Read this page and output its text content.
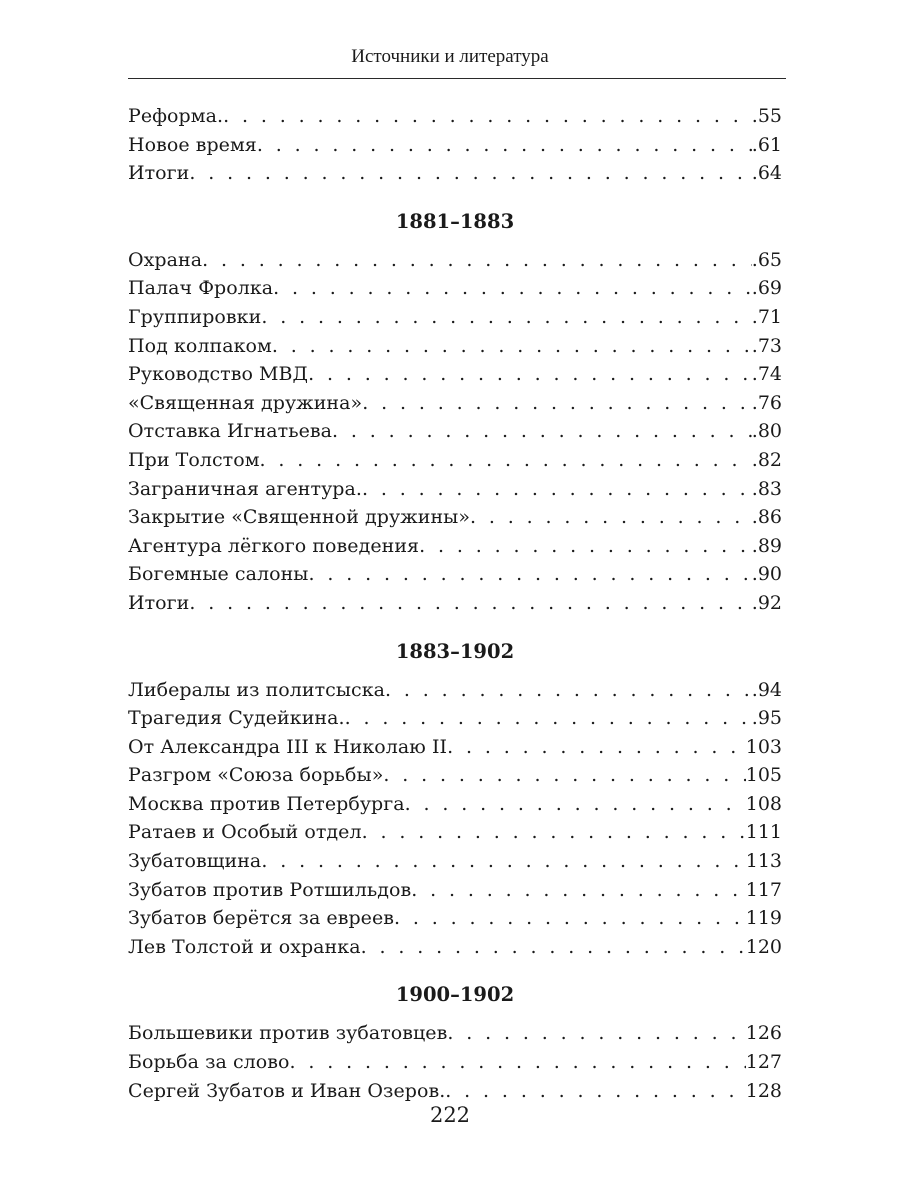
Источники и литература
Реформа. . . .	.55
Новое время . . .	.61
Итоги . . .	.64
1881–1883
Охрана . . .	.65
Палач Фролка . . .	.69
Группировки . . .	.71
Под колпаком . . .	.73
Руководство МВД . . .	.74
«Священная дружина» . . .	.76
Отставка Игнатьева . . .	.80
При Толстом . . .	.82
Заграничная агентура. . . .	.83
Закрытие «Священной дружины» . . .	.86
Агентура лёгкого поведения . . .	.89
Богемные салоны . . .	.90
Итоги . . .	.92
1883–1902
Либералы из политсыска . . .	.94
Трагедия Судейкина. . . .	.95
От Александра III к Николаю II . . .	103
Разгром «Союза борьбы» . . .	105
Москва против Петербурга . . .	108
Ратаев и Особый отдел . . .	111
Зубатовщина . . .	113
Зубатов против Ротшильдов . . .	117
Зубатов берётся за евреев . . .	119
Лев Толстой и охранка . . .	120
1900–1902
Большевики против зубатовцев . . .	126
Борьба за слово . . .	127
Сергей Зубатов и Иван Озеров. . . .	128
222
